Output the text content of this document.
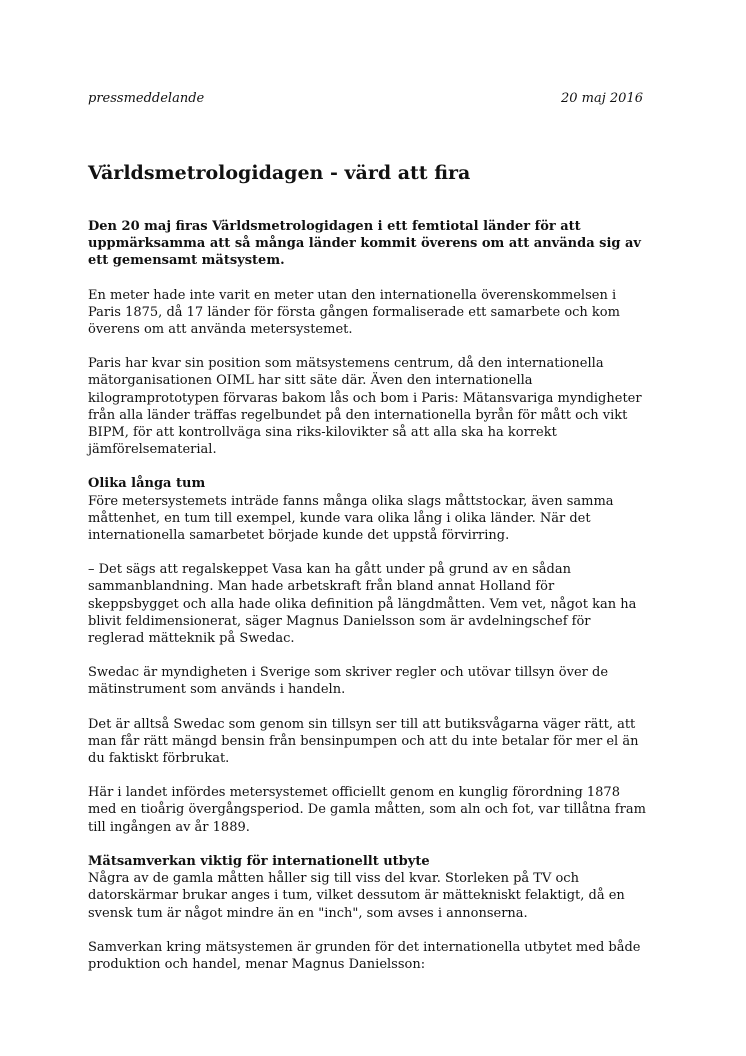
pressmeddelande	20 maj 2016
Världsmetrologidagen - värd att fira

Den 20 maj firas Världsmetrologidagen i ett femtiotal länder för att uppmärksamma att så många länder kommit överens om att använda sig av ett gemensamt mätsystem.

En meter hade inte varit en meter utan den internationella överenskommelsen i Paris 1875, då 17 länder för första gången formaliserade ett samarbete och kom överens om att använda metersystemet.

Paris har kvar sin position som mätsystemens centrum, då den internationella mätorganisationen OIML har sitt säte där. Även den internationella kilogramprototypen förvaras bakom lås och bom i Paris: Mätansvariga myndigheter från alla länder träffas regelbundet på den internationella byrån för mått och vikt BIPM, för att kontrollväga sina riks-kilovikter så att alla ska ha korrekt jämförelsematerial.

Olika långa tum
Före metersystemets inträde fanns många olika slags måttstockar, även samma måttenhet, en tum till exempel, kunde vara olika lång i olika länder. När det internationella samarbetet började kunde det uppstå förvirring.

– Det sägs att regalskeppet Vasa kan ha gått under på grund av en sådan sammanblandning. Man hade arbetskraft från bland annat Holland för skeppsbygget och alla hade olika definition på längdmåtten. Vem vet, något kan ha blivit feldimensionerat, säger Magnus Danielsson som är avdelningschef för reglerad mätteknik på Swedac.

Swedac är myndigheten i Sverige som skriver regler och utövar tillsyn över de mätinstrument som används i handeln.

Det är alltså Swedac som genom sin tillsyn ser till att butiksvågarna väger rätt, att man får rätt mängd bensin från bensinpumpen och att du inte betalar för mer el än du faktiskt förbrukat.

Här i landet infördes metersystemet officiellt genom en kunglig förordning 1878 med en tioårig övergångsperiod. De gamla måtten, som aln och fot, var tillåtna fram till ingången av år 1889.

Mätsamverkan viktig för internationellt utbyte
Några av de gamla måtten håller sig till viss del kvar. Storleken på TV och datorskärmar brukar anges i tum, vilket dessutom är mättekniskt felaktigt, då en svensk tum är något mindre än en "inch", som avses i annonserna.

Samverkan kring mätsystemen är grunden för det internationella utbytet med både produktion och handel, menar Magnus Danielsson:
